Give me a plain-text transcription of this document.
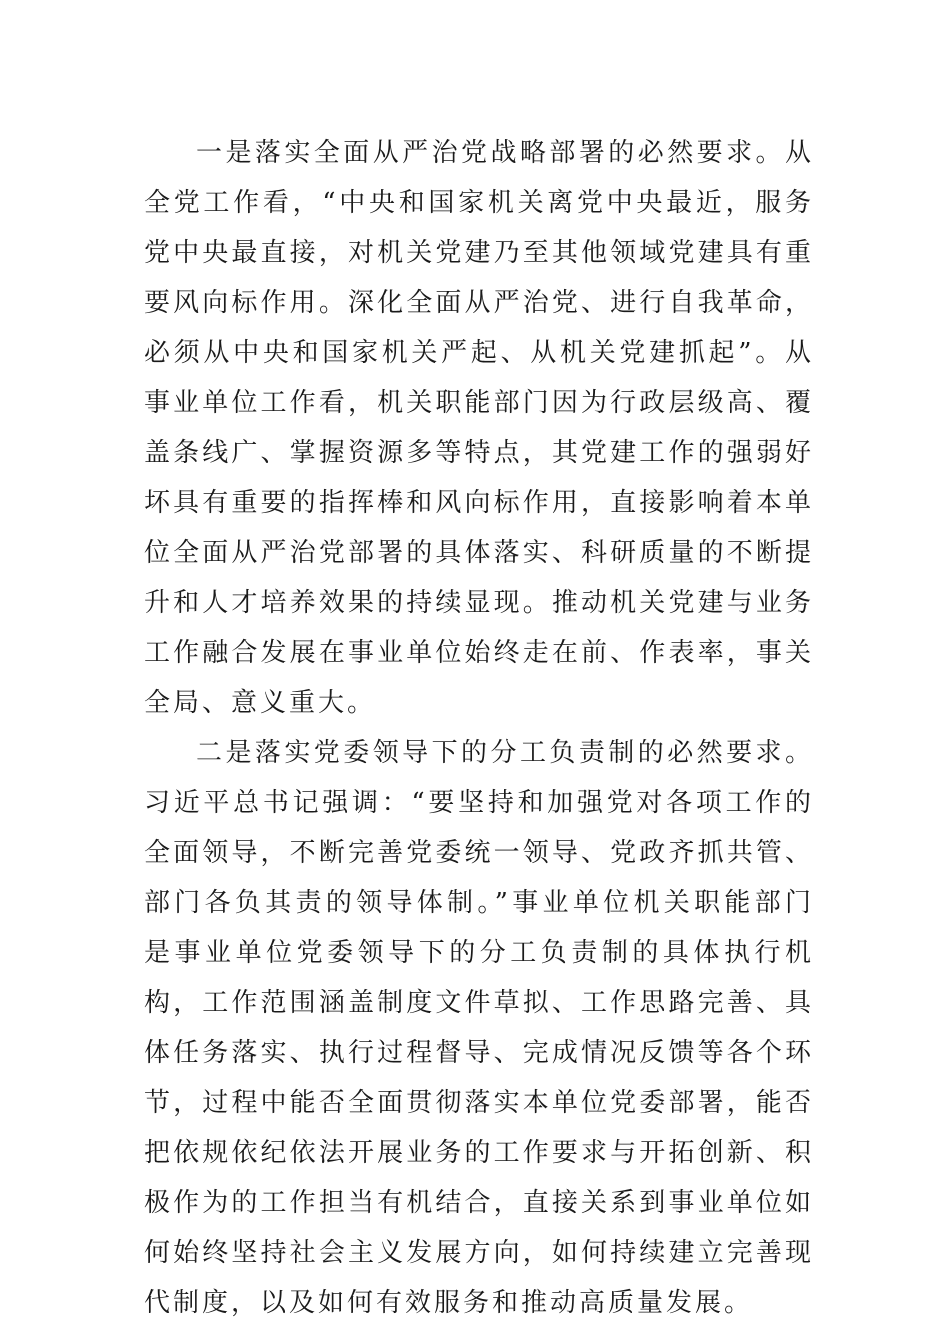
一是落实全面从严治党战略部署的必然要求。从全党工作看，“中央和国家机关离党中央最近，服务党中央最直接，对机关党建乃至其他领域党建具有重要风向标作用。深化全面从严治党、进行自我革命，必须从中央和国家机关严起、从机关党建抓起”。从事业单位工作看，机关职能部门因为行政层级高、覆盖条线广、掌握资源多等特点，其党建工作的强弱好坏具有重要的指挥棒和风向标作用，直接影响着本单位全面从严治党部署的具体落实、科研质量的不断提升和人才培养效果的持续显现。推动机关党建与业务工作融合发展在事业单位始终走在前、作表率，事关全局、意义重大。

二是落实党委领导下的分工负责制的必然要求。习近平总书记强调：“要坚持和加强党对各项工作的全面领导，不断完善党委统一领导、党政齐抓共管、部门各负其责的领导体制。”事业单位机关职能部门是事业单位党委领导下的分工负责制的具体执行机构，工作范围涵盖制度文件草拟、工作思路完善、具体任务落实、执行过程督导、完成情况反馈等各个环节，过程中能否全面贯彻落实本单位党委部署，能否把依规依纪依法开展业务的工作要求与开拓创新、积极作为的工作担当有机结合，直接关系到事业单位如何始终坚持社会主义发展方向，如何持续建立完善现代制度，以及如何有效服务和推动高质量发展。
